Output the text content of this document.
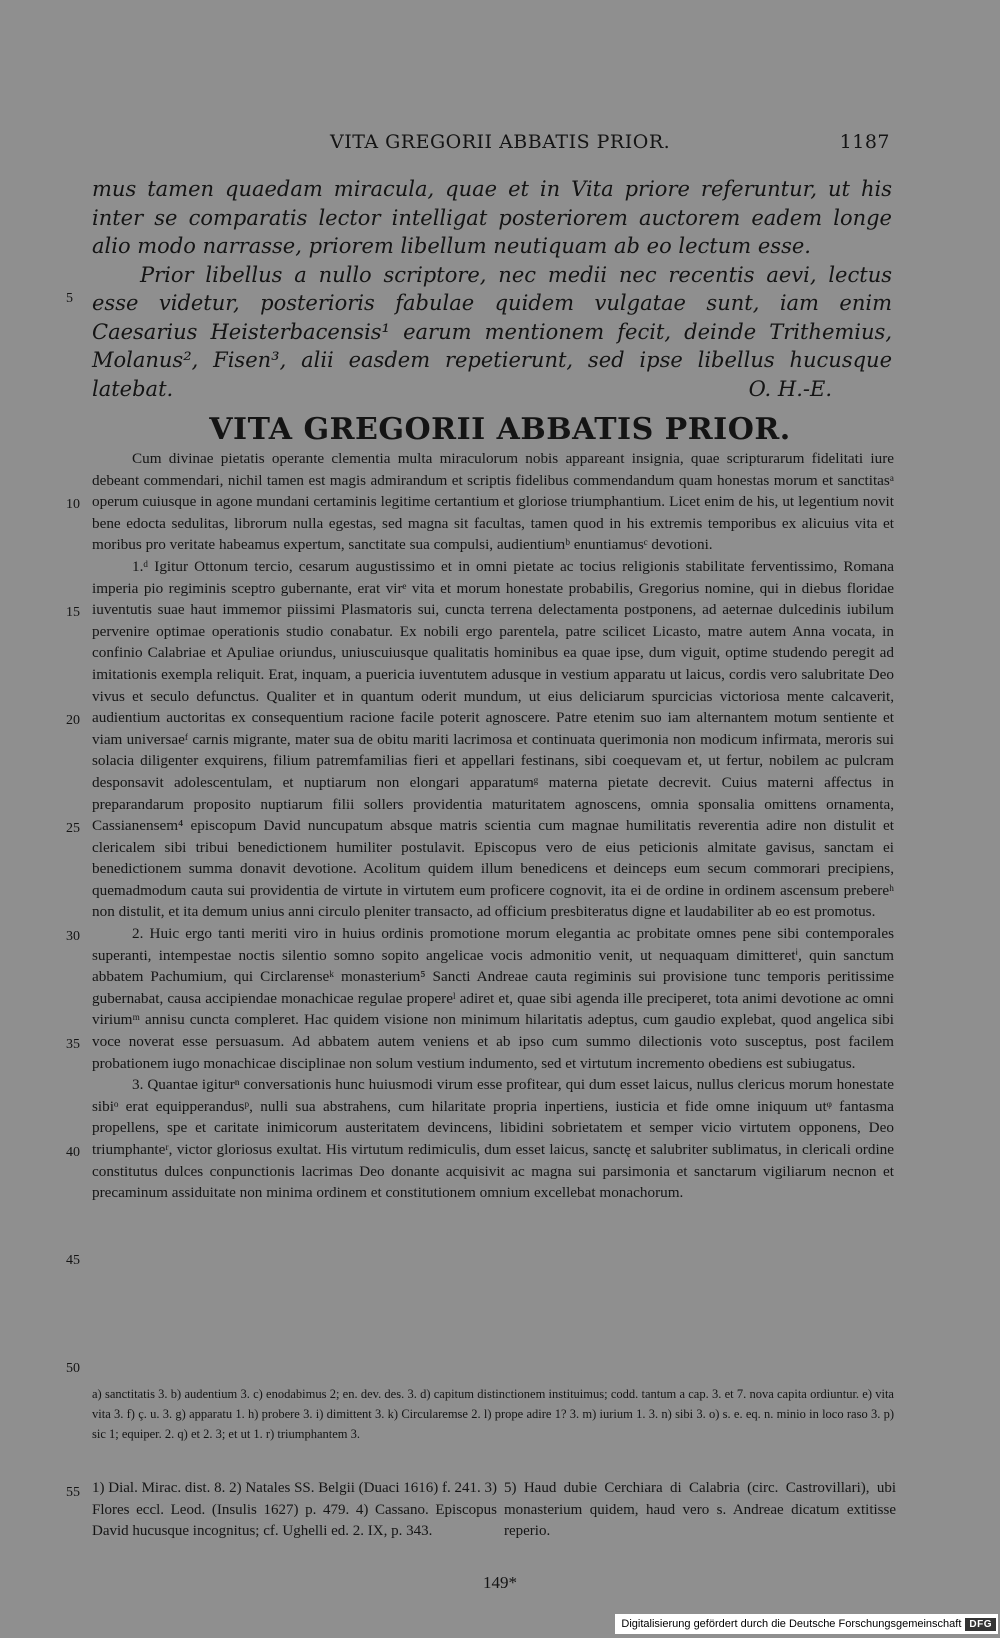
VITA GREGORII ABBATIS PRIOR.	1187

mus tamen quaedam miracula, quae et in Vita priore referuntur, ut his inter se comparatis lector intelligat posteriorem auctorem eadem longe alio modo narrasse, priorem libellum neutiquam ab eo lectum esse.

Prior libellus a nullo scriptore, nec medii nec recentis aevi, lectus esse videtur, posterioris fabulae quidem vulgatae sunt, iam enim Caesarius Heisterbacensis¹ earum mentionem fecit, deinde Trithemius, Molanus², Fisen³, alii easdem repetierunt, sed ipse libellus hucusque latebat.	O. H.-E.

VITA GREGORII ABBATIS PRIOR.

Cum divinae pietatis operante clementia multa miraculorum nobis appareant insignia, quae scripturarum fidelitati iure debeant commendari, nichil tamen est magis admirandum et scriptis fidelibus commendandum quam honestas morum et sanctitasᵃ operum cuiusque in agone mundani certaminis legitime certantium et gloriose triumphantium. Licet enim de his, ut legentium novit bene edocta sedulitas, librorum nulla egestas, sed magna sit facultas, tamen quod in his extremis temporibus ex alicuius vita et moribus pro veritate habeamus expertum, sanctitate sua compulsi, audientiumᵇ enuntiamusᶜ devotioni.

1.ᵈ Igitur Ottonum tercio, cesarum augustissimo et in omni pietate ac tocius religionis stabilitate ferventissimo, Romana imperia pio regiminis sceptro gubernante, erat virᵉ vita et morum honestate probabilis, Gregorius nomine, qui in diebus floridae iuventutis suae haut immemor piissimi Plasmatoris sui, cuncta terrena delectamenta postponens, ad aeternae dulcedinis iubilum pervenire optimae operationis studio conabatur. Ex nobili ergo parentela, patre scilicet Licasto, matre autem Anna vocata, in confinio Calabriae et Apuliae oriundus, uniuscuiusque qualitatis hominibus ea quae ipse, dum viguit, optime studendo peregit ad imitationis exempla reliquit. Erat, inquam, a puericia iuventutem adusque in vestium apparatu ut laicus, cordis vero salubritate Deo vivus et seculo defunctus. Qualiter et in quantum oderit mundum, ut eius deliciarum spurcicias victoriosa mente calcaverit, audientium auctoritas ex consequentium racione facile poterit agnoscere. Patre etenim suo iam alternantem motum sentiente et viam universaeᶠ carnis migrante, mater sua de obitu mariti lacrimosa et continuata querimonia non modicum infirmata, meroris sui solacia diligenter exquirens, filium patremfamilias fieri et appellari festinans, sibi coequevam et, ut fertur, nobilem ac pulcram desponsavit adolescentulam, et nuptiarum non elongari apparatumᵍ materna pietate decrevit. Cuius materni affectus in preparandarum proposito nuptiarum filii sollers providentia maturitatem agnoscens, omnia sponsalia omittens ornamenta, Cassianensem⁴ episcopum David nuncupatum absque matris scientia cum magnae humilitatis reverentia adire non distulit et clericalem sibi tribui benedictionem humiliter postulavit. Episcopus vero de eius peticionis almitate gavisus, sanctam ei benedictionem summa donavit devotione. Acolitum quidem illum benedicens et deinceps eum secum commorari precipiens, quemadmodum cauta sui providentia de virtute in virtutem eum proficere cognovit, ita ei de ordine in ordinem ascensum prebereʰ non distulit, et ita demum unius anni circulo pleniter transacto, ad officium presbiteratus digne et laudabiliter ab eo est promotus.

2. Huic ergo tanti meriti viro in huius ordinis promotione morum elegantia ac probitate omnes pene sibi contemporales superanti, intempestae noctis silentio somno sopito angelicae vocis admonitio venit, ut nequaquam dimitteretⁱ, quin sanctum abbatem Pachumium, qui Circlarenseᵏ monasterium⁵ Sancti Andreae cauta regiminis sui provisione tunc temporis peritissime gubernabat, causa accipiendae monachicae regulae propereˡ adiret et, quae sibi agenda ille preciperet, tota animi devotione ac omni viriumᵐ annisu cuncta compleret. Hac quidem visione non minimum hilaritatis adeptus, cum gaudio explebat, quod angelica sibi voce noverat esse persuasum. Ad abbatem autem veniens et ab ipso cum summo dilectionis voto susceptus, post facilem probationem iugo monachicae disciplinae non solum vestium indumento, sed et virtutum incremento obediens est subiugatus.

3. Quantae igiturⁿ conversationis hunc huiusmodi virum esse profitear, qui dum esset laicus, nullus clericus morum honestate sibiᵒ erat equipperandusᵖ, nulli sua abstrahens, cum hilaritate propria inpertiens, iusticia et fide omne iniquum utᵠ fantasma propellens, spe et caritate inimicorum austeritatem devincens, libidini sobrietatem et semper vicio virtutem opponens, Deo triumphanteʳ, victor gloriosus exultat. His virtutum redimiculis, dum esset laicus, sanctę et salubriter sublimatus, in clericali ordine constitutus dulces conpunctionis lacrimas Deo donante acquisivit ac magna sui parsimonia et sanctarum vigiliarum necnon et precaminum assiduitate non minima ordinem et constitutionem omnium excellebat monachorum.

5
10
15
20
25
30
35
40
45
50
55

a) sanctitatis 3. b) audentium 3. c) enodabimus 2; en. dev. des. 3. d) capitum distinctionem instituimus; codd. tantum a cap. 3. et 7. nova capita ordiuntur. e) vita vita 3. f) ç. u. 3. g) apparatu 1. h) probere 3. i) dimittent 3. k) Circularemse 2. l) prope adire 1? 3. m) iurium 1. 3. n) sibi 3. o) s. e. eq. n. minio in loco raso 3. p) sic 1; equiper. 2. q) et 2. 3; et ut 1. r) triumphantem 3.

1) Dial. Mirac. dist. 8. 2) Natales SS. Belgii (Duaci 1616) f. 241. 3) Flores eccl. Leod. (Insulis 1627) p. 479. 4) Cassano. Episcopus David hucusque incognitus; cf. Ughelli ed. 2. IX, p. 343.

5) Haud dubie Cerchiara di Calabria (circ. Castrovillari), ubi monasterium quidem, haud vero s. Andreae dicatum extitisse reperio.

149*
Digitalisierung gefördert durch die Deutsche Forschungsgemeinschaft DFG
